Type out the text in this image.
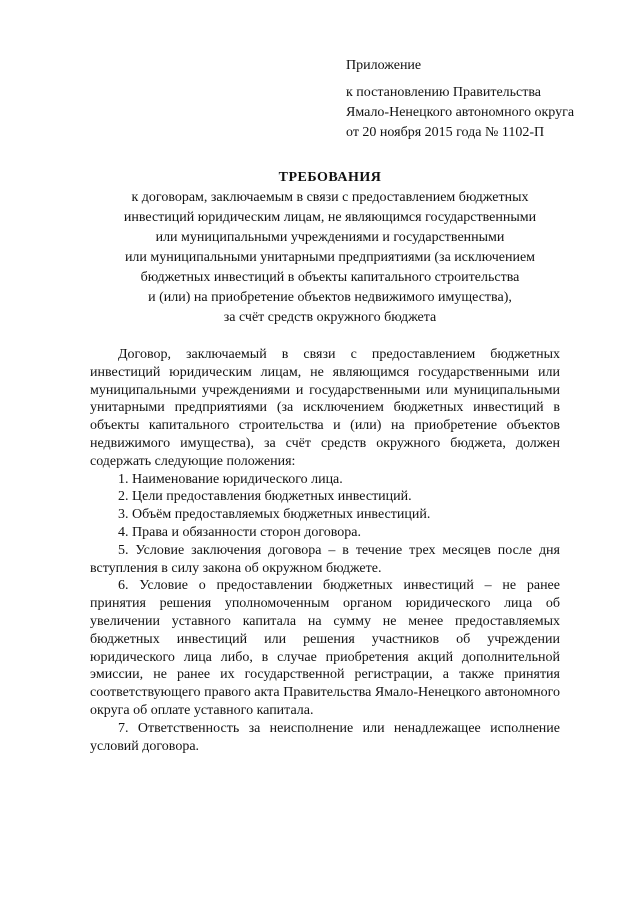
Приложение
к постановлению Правительства
Ямало-Ненецкого автономного округа
от 20 ноября 2015 года № 1102-П
ТРЕБОВАНИЯ
к договорам, заключаемым в связи с предоставлением бюджетных
инвестиций юридическим лицам, не являющимся государственными
или муниципальными учреждениями и государственными
или муниципальными унитарными предприятиями (за исключением
бюджетных инвестиций в объекты капитального строительства
и (или) на приобретение объектов недвижимого имущества),
за счёт средств окружного бюджета

Договор, заключаемый в связи с предоставлением бюджетных инвестиций юридическим лицам, не являющимся государственными или муниципальными учреждениями и государственными или муниципальными унитарными предприятиями (за исключением бюджетных инвестиций в объекты капитального строительства и (или) на приобретение объектов недвижимого имущества), за счёт средств окружного бюджета, должен содержать следующие положения:

1. Наименование юридического лица.

2. Цели предоставления бюджетных инвестиций.

3. Объём предоставляемых бюджетных инвестиций.

4. Права и обязанности сторон договора.

5. Условие заключения договора – в течение трех месяцев после дня вступления в силу закона об окружном бюджете.

6. Условие о предоставлении бюджетных инвестиций – не ранее принятия решения уполномоченным органом юридического лица об увеличении уставного капитала на сумму не менее предоставляемых бюджетных инвестиций или решения участников об учреждении юридического лица либо, в случае приобретения акций дополнительной эмиссии, не ранее их государственной регистрации, а также принятия соответствующего правого акта Правительства Ямало-Ненецкого автономного округа об оплате уставного капитала.

7. Ответственность за неисполнение или ненадлежащее исполнение условий договора.
